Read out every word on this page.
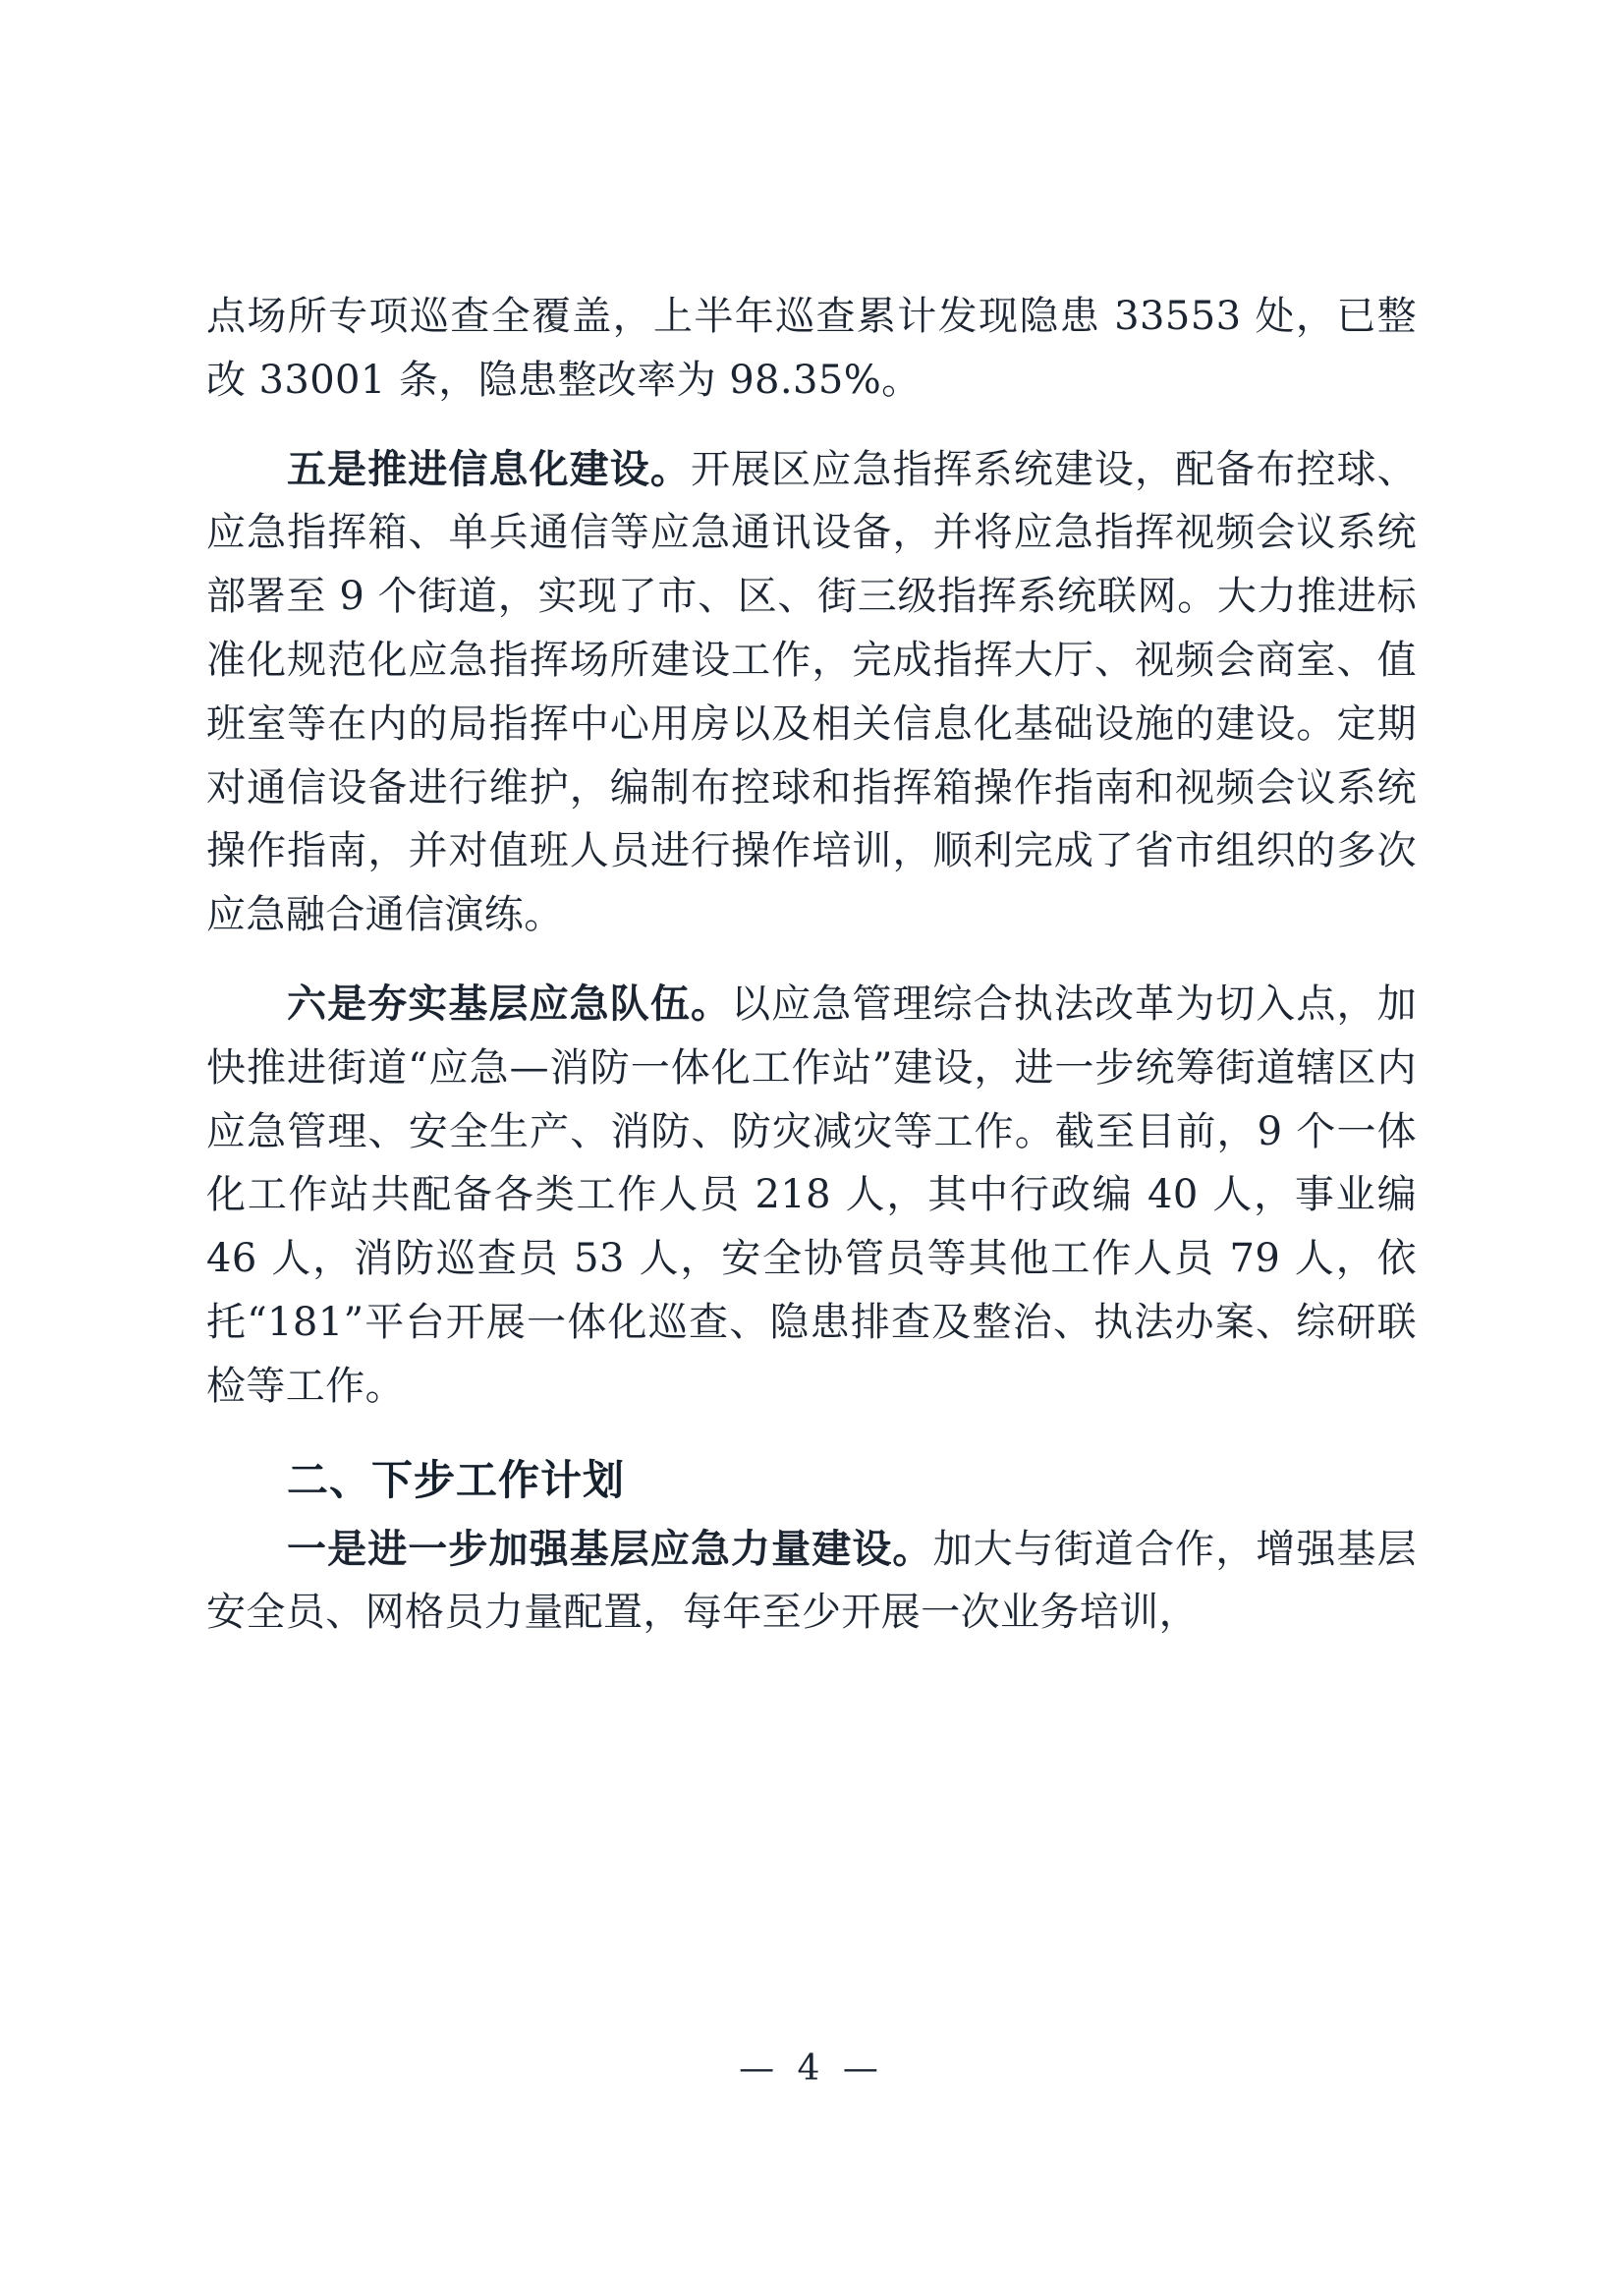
点场所专项巡查全覆盖，上半年巡查累计发现隐患 33553 处，已整改 33001 条，隐患整改率为 98.35%。

五是推进信息化建设。开展区应急指挥系统建设，配备布控球、应急指挥箱、单兵通信等应急通讯设备，并将应急指挥视频会议系统部署至 9 个街道，实现了市、区、街三级指挥系统联网。大力推进标准化规范化应急指挥场所建设工作，完成指挥大厅、视频会商室、值班室等在内的局指挥中心用房以及相关信息化基础设施的建设。定期对通信设备进行维护，编制布控球和指挥箱操作指南和视频会议系统操作指南，并对值班人员进行操作培训，顺利完成了省市组织的多次应急融合通信演练。

六是夯实基层应急队伍。以应急管理综合执法改革为切入点，加快推进街道“应急—消防一体化工作站”建设，进一步统筹街道辖区内应急管理、安全生产、消防、防灾减灾等工作。截至目前，9 个一体化工作站共配备各类工作人员 218 人，其中行政编 40 人，事业编 46 人，消防巡查员 53 人，安全协管员等其他工作人员 79 人，依托“181”平台开展一体化巡查、隐患排查及整治、执法办案、综研联检等工作。

二、下步工作计划

一是进一步加强基层应急力量建设。加大与街道合作，增强基层安全员、网格员力量配置，每年至少开展一次业务培训，

— 4 —
